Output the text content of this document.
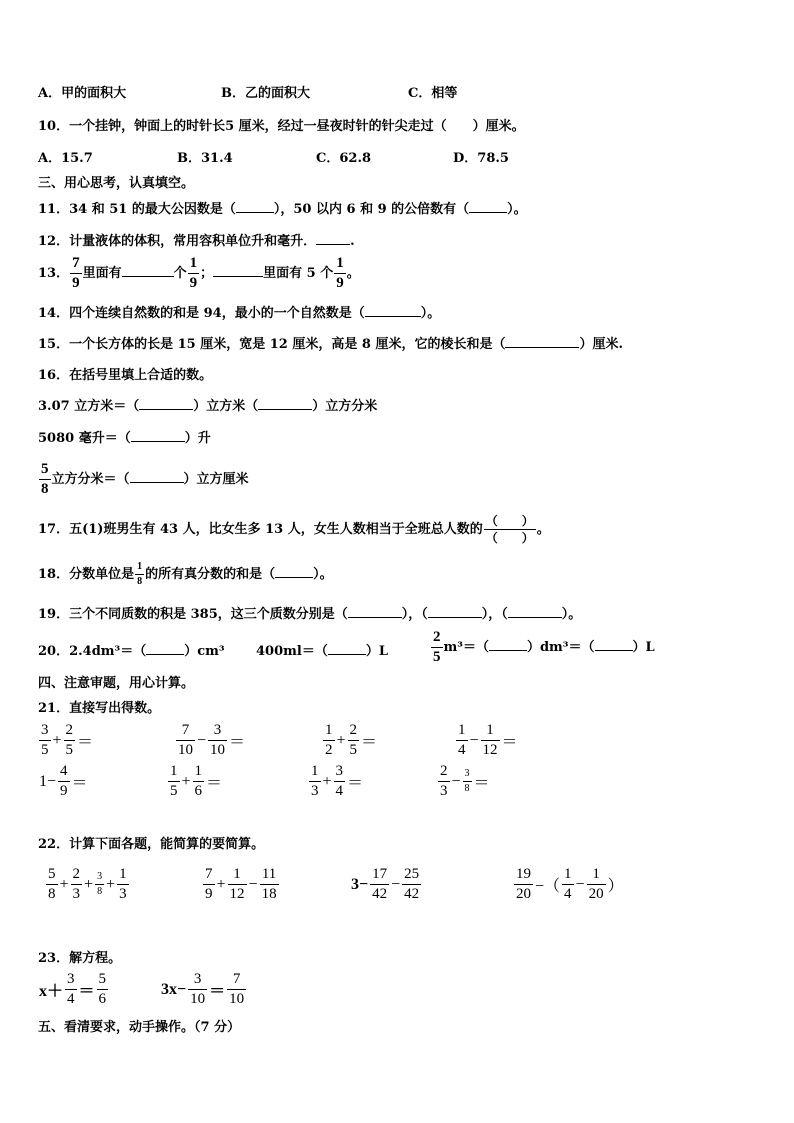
A．甲的面积大	B．乙的面积大	C．相等
10．一个挂钟，钟面上的时针长5 厘米，经过一昼夜时针的针尖走过（　　）厘米。
A．15.7	B．31.4	C．62.8	D．78.5
三、用心思考，认真填空。
11．34 和 51 的最大公因数是（	），50 以内 6 和 9 的公倍数有（	）。
12．计量液体的体积，常用容积单位升和毫升．	.
13． $\frac{7}{9}$ 里面有	个 $\frac{1}{9}$ ；	里面有 5 个 $\frac{1}{9}$ 。
14．四个连续自然数的和是 94，最小的一个自然数是（	）。
15．一个长方体的长是 15 厘米，宽是 12 厘米，高是 8 厘米，它的棱长和是（	）厘米.
16．在括号里填上合适的数。
3.07 立方米＝（	）立方米（	）立方分米
5080 毫升＝（	）升
$\frac{5}{8}$ 立方分米＝（	）立方厘米
17．五(1)班男生有 43 人，比女生多 13 人，女生人数相当于全班总人数的 $\frac{( )}{( )}$ 。
18．分数单位是 $\frac{1}{8}$ 的所有真分数的和是（	）。
19．三个不同质数的积是 385，这三个质数分别是（	），（	），（	）。
20．2.4dm³＝（	）cm³ 400ml＝（	）L	$\frac{2}{5} m^3=$（	）dm³＝（	）L
四、注意审题，用心计算。
21．直接写出得数。
$\frac{3}{5} + \frac{2}{5}$ ＝	$\frac{7}{10} - \frac{3}{10}$ ＝	$\frac{1}{2} + \frac{2}{5}$ ＝	$\frac{1}{4} - \frac{1}{12}$ ＝
$1- \frac{4}{9}$ ＝	$\frac{1}{5} + \frac{1}{6}$ ＝	$\frac{1}{3} + \frac{3}{4}$ ＝	$\frac{2}{3} - \frac{3}{8}$ ＝
22．计算下面各题，能简算的要简算。
$\frac{5}{8} + \frac{2}{3} + \frac{3}{8} + \frac{1}{3}$	$\frac{7}{9} + \frac{1}{12} - \frac{11}{18}$	$3- \frac{17}{42} - \frac{25}{42}$	$\frac{19}{20}$ −（ $\frac{1}{4} - \frac{1}{20}$ ）
23．解方程。
$x+ \frac{3}{4} = \frac{5}{6}$	$3x- \frac{3}{10} = \frac{7}{10}$
五、看清要求，动手操作。（7 分）
